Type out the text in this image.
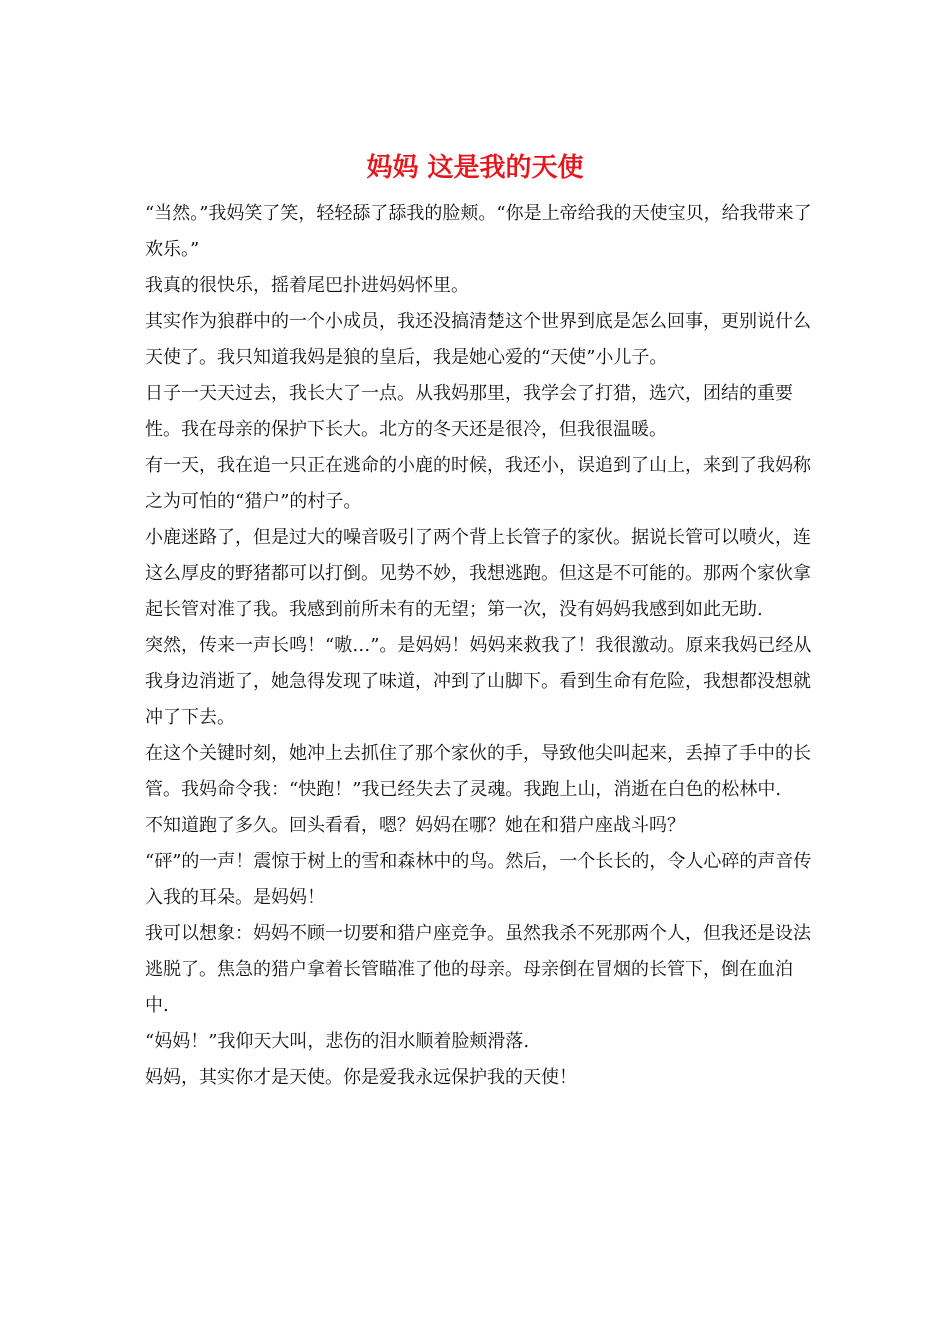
妈妈 这是我的天使

“当然。”我妈笑了笑，轻轻舔了舔我的脸颊。“你是上帝给我的天使宝贝，给我带来了欢乐。”

我真的很快乐，摇着尾巴扑进妈妈怀里。

其实作为狼群中的一个小成员，我还没搞清楚这个世界到底是怎么回事，更别说什么天使了。我只知道我妈是狼的皇后，我是她心爱的“天使”小儿子。

日子一天天过去，我长大了一点。从我妈那里，我学会了打猎，选穴，团结的重要性。我在母亲的保护下长大。北方的冬天还是很冷，但我很温暖。

有一天，我在追一只正在逃命的小鹿的时候，我还小，误追到了山上，来到了我妈称之为可怕的“猎户”的村子。

小鹿迷路了，但是过大的噪音吸引了两个背上长管子的家伙。据说长管可以喷火，连这么厚皮的野猪都可以打倒。见势不妙，我想逃跑。但这是不可能的。那两个家伙拿起长管对准了我。我感到前所未有的无望；第一次，没有妈妈我感到如此无助.

突然，传来一声长鸣！“嗷…”。是妈妈！妈妈来救我了！我很激动。原来我妈已经从我身边消逝了，她急得发现了味道，冲到了山脚下。看到生命有危险，我想都没想就冲了下去。

在这个关键时刻，她冲上去抓住了那个家伙的手，导致他尖叫起来，丢掉了手中的长管。我妈命令我：“快跑！”我已经失去了灵魂。我跑上山，消逝在白色的松林中.

不知道跑了多久。回头看看，嗯？妈妈在哪？她在和猎户座战斗吗？

“砰”的一声！震惊于树上的雪和森林中的鸟。然后，一个长长的，令人心碎的声音传入我的耳朵。是妈妈！

我可以想象：妈妈不顾一切要和猎户座竞争。虽然我杀不死那两个人，但我还是设法逃脱了。焦急的猎户拿着长管瞄准了他的母亲。母亲倒在冒烟的长管下，倒在血泊中.

“妈妈！”我仰天大叫，悲伤的泪水顺着脸颊滑落.

妈妈，其实你才是天使。你是爱我永远保护我的天使！
